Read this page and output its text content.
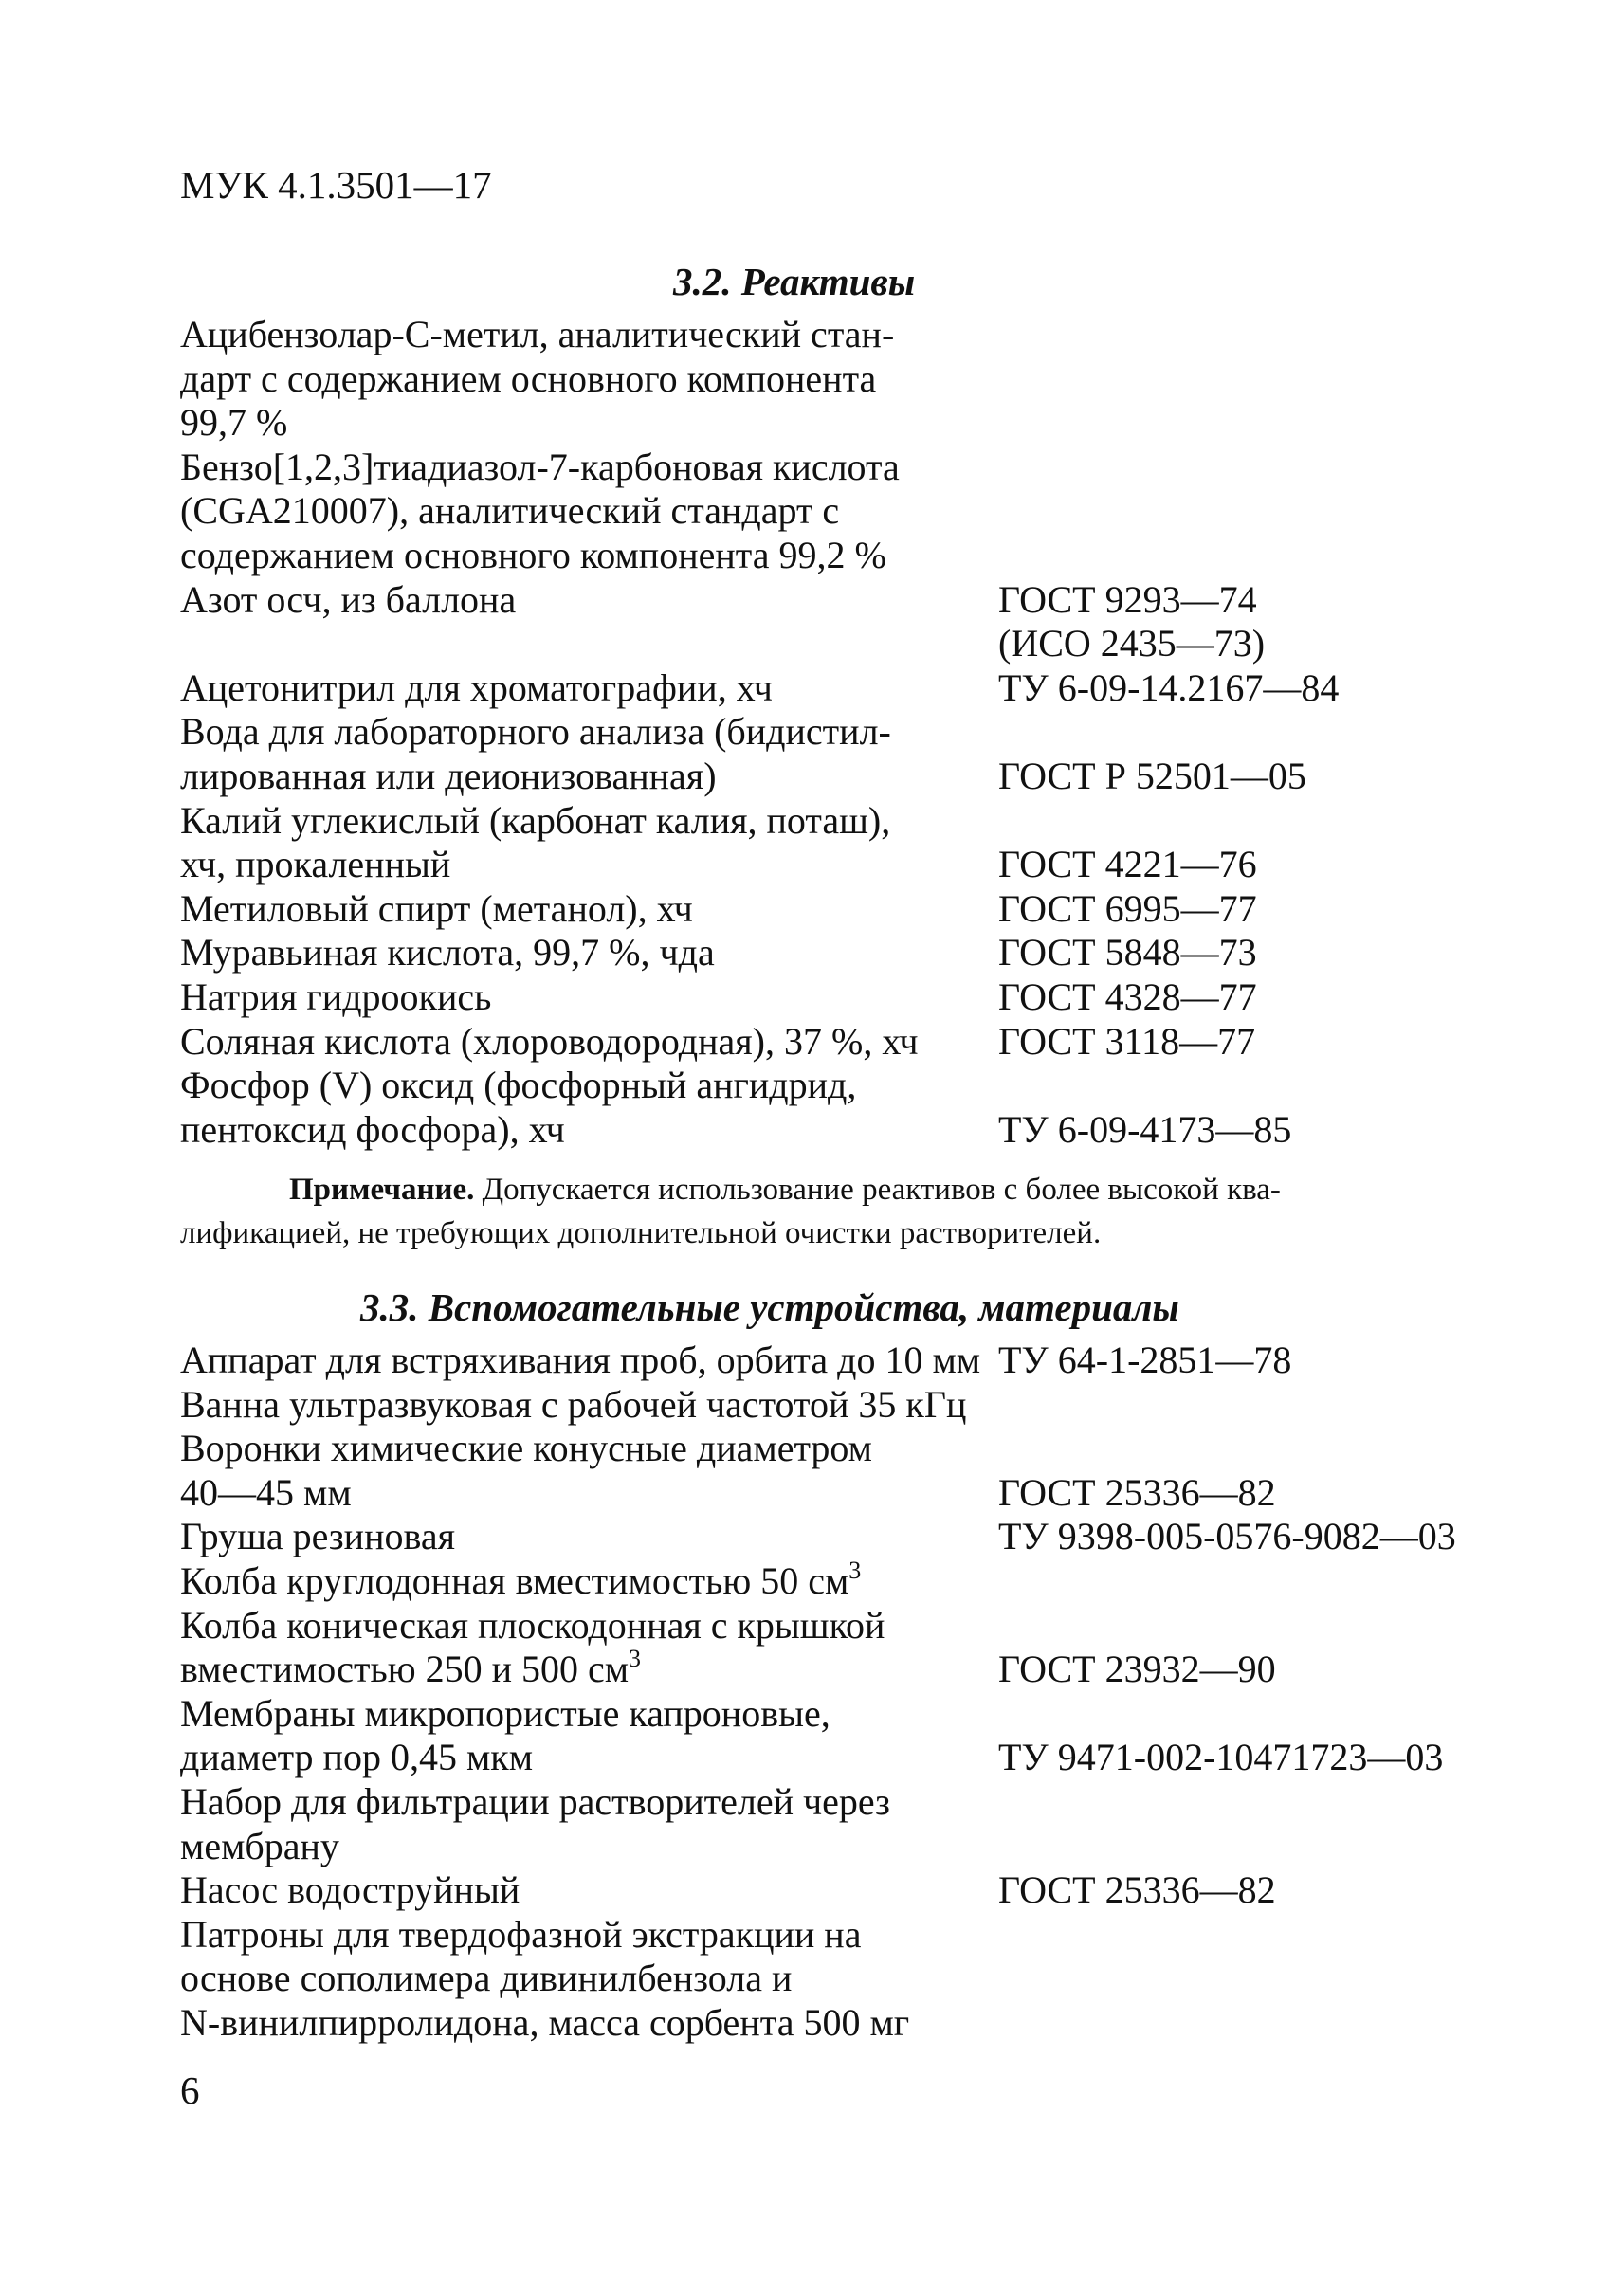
МУК 4.1.3501—17
3.2. Реактивы
Ацибензолар-С-метил, аналитический стан-
дарт с содержанием основного компонента
99,7 %
Бензо[1,2,3]тиадиазол-7-карбоновая кислота
(CGA210007), аналитический стандарт с
содержанием основного компонента 99,2 %
Азот осч, из баллона	ГОСТ 9293—74
(ИСО 2435—73)
Ацетонитрил для хроматографии, хч	ТУ 6-09-14.2167—84
Вода для лабораторного анализа (бидистил-
лированная или деионизованная)	ГОСТ Р 52501—05
Калий углекислый (карбонат калия, поташ),
хч, прокаленный	ГОСТ 4221—76
Метиловый спирт (метанол), хч	ГОСТ 6995—77
Муравьиная кислота, 99,7 %, чда	ГОСТ 5848—73
Натрия гидроокись	ГОСТ 4328—77
Соляная кислота (хлороводородная), 37 %, хч ГОСТ 3118—77
Фосфор (V) оксид (фосфорный ангидрид,
пентоксид фосфора), хч	ТУ 6-09-4173—85
Примечание. Допускается использование реактивов с более высокой ква-
лификацией, не требующих дополнительной очистки растворителей.
3.3. Вспомогательные устройства, материалы
Аппарат для встряхивания проб, орбита до 10 мм ТУ 64-1-2851—78
Ванна ультразвуковая с рабочей частотой 35 кГц
Воронки химические конусные диаметром
40—45 мм	ГОСТ 25336—82
Груша резиновая	ТУ 9398-005-0576-9082—03
Колба круглодонная вместимостью 50 $см^3$
Колба коническая плоскодонная с крышкой
вместимостью 250 и 500 $см^3$	ГОСТ 23932—90
Мембраны микропористые капроновые,
диаметр пор 0,45 мкм	ТУ 9471-002-10471723—03
Набор для фильтрации растворителей через
мембрану
Насос водоструйный	ГОСТ 25336—82
Патроны для твердофазной экстракции на
основе сополимера дивинилбензола и
N-винилпирролидона, масса сорбента 500 мг
6
